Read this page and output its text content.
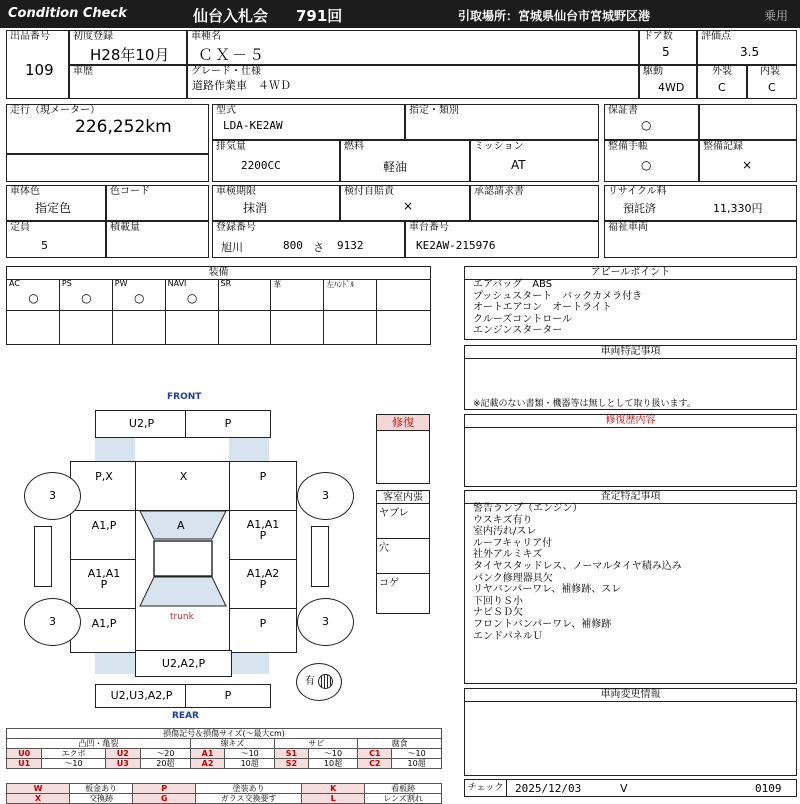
Condition Check	仙台入札会 791回	引取場所：宮城県仙台市宮城野区港	乗用
出品番号
109
初度登録
H28年10月
車種名
ＣＸ－５
ドア数
5
評価点
3.5
車歴	グレード・仕様
道路作業車　４ＷＤ
駆動
4WD
外装
C
内装
C
走行（現メーター）
226,252km
型式
LDA-KE2AW
指定・類別
排気量
2200CC
燃料
軽油
ミッション
AT
保証書
○
整備手帳
○
整備記録
×
車体色
指定色
色コード
定員
5
積載量
車検期限
抹消
検付自賠責
×
承認請求書
登録番号
旭川	800 さ 9132
車台番号
KE2AW-215976
リサイクル料
預託済	11,330円
福祉車両
装備
AC
○
PS
○
PW
○
NAVI
○
SR	革	左ﾊﾝﾄﾞﾙ
アピールポイント
エアバッグ　ABS
プッシュスタート　バックカメラ付き
オートエアコン　オートライト
クルーズコントロール
エンジンスターター
車両特記事項
※記載のない書類・機器等は無しとして取り扱います。
修復歴内容
査定特記事項
警告ランプ（エンジン）
ウスキズ有り
室内汚れ/スレ
ルーフキャリア付
社外アルミキズ
タイヤスタッドレス、ノーマルタイヤ積み込み
パンク修理器具欠
リヤバンパーワレ、補修跡、スレ
下回りＳ小
ナビＳＤ欠
フロントバンパーワレ、補修跡
エンドパネルＵ
車両変更情報
チェック	2025/12/03	V	0109
修復
客室内張
ヤブレ
穴
コゲ
FRONT
REAR
U2,P	P
U2,U3,A2,P	P
P,X	X	P
A1,P	A1,A1
P
A1,A1
P
A1,A2
P
A1,P	P
U2,A2,P
A
trunk
3	3
3	3
有
損傷記号＆損傷サイズ(〜最大cm)
凸凹・亀裂				線キズ		サビ		腐食	
U0	エクボ	U2	〜20	A1	〜10	S1	〜10	C1	〜10
U1	〜10	U3	20超	A2	10超	S2	10超	C2	10超
W	板金あり	P	塗装あり	K	看板跡
X	交換跡	G	ガラス交換要す	L	レンズ割れ
